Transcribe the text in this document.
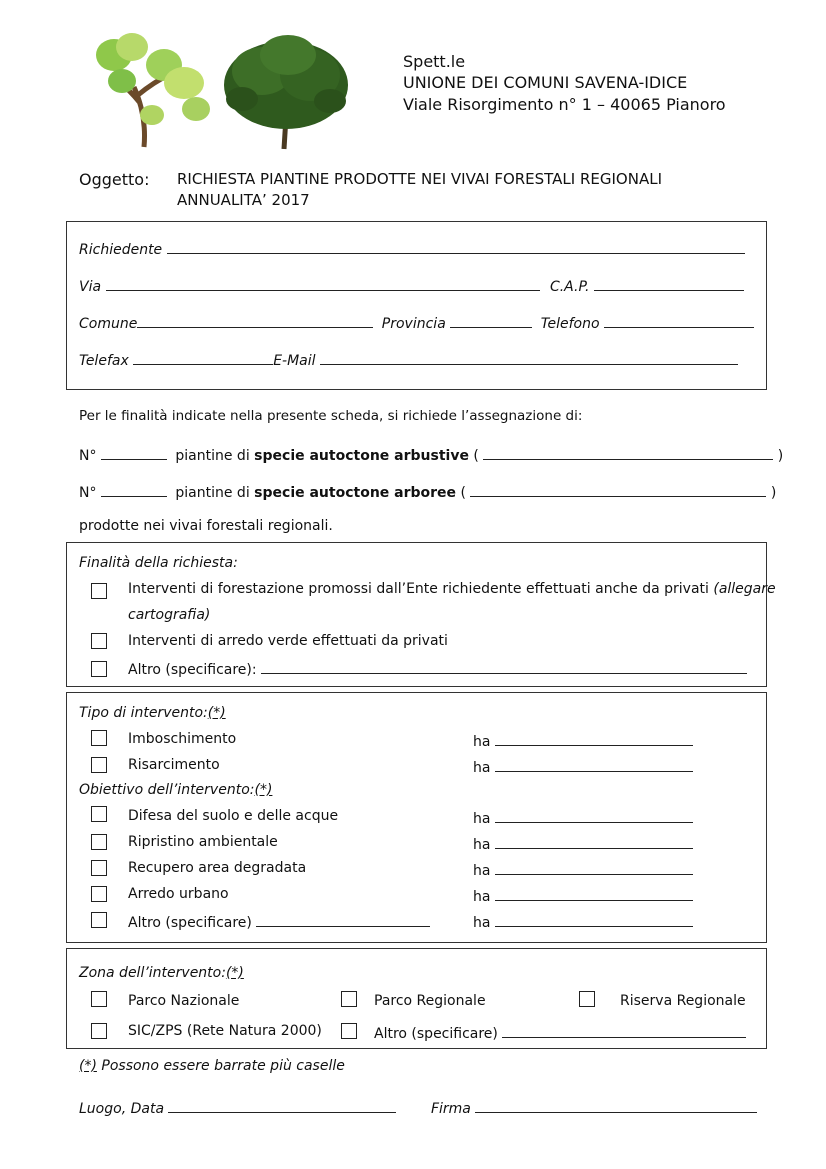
Spett.le
UNIONE DEI COMUNI SAVENA-IDICE
Viale Risorgimento n° 1 – 40065 Pianoro
Oggetto: RICHIESTA PIANTINE PRODOTTE NEI VIVAI FORESTALI REGIONALI
ANNUALITA’ 2017
Richiedente
Via	C.A.P.
Comune	Provincia	Telefono
Telefax	E-Mail
Per le finalità indicate nella presente scheda, si richiede l’assegnazione di:
N°	piantine di specie autoctone arbustive (	)
N°	piantine di specie autoctone arboree (	)
prodotte nei vivai forestali regionali.
Finalità della richiesta:
Interventi di forestazione promossi dall’Ente richiedente effettuati anche da privati (allegare
cartografia)
Interventi di arredo verde effettuati da privati
Altro (specificare):
Tipo di intervento:(*)
Imboschimento	ha
Risarcimento	ha
Obiettivo dell’intervento:(*)
Difesa del suolo e delle acque	ha
Ripristino ambientale	ha
Recupero area degradata	ha
Arredo urbano	ha
Altro (specificare)	ha
Zona dell’intervento:(*)
Parco Nazionale	Parco Regionale	Riserva Regionale
SIC/ZPS (Rete Natura 2000)	Altro (specificare)
(*) Possono essere barrate più caselle
Luogo, Data	Firma
